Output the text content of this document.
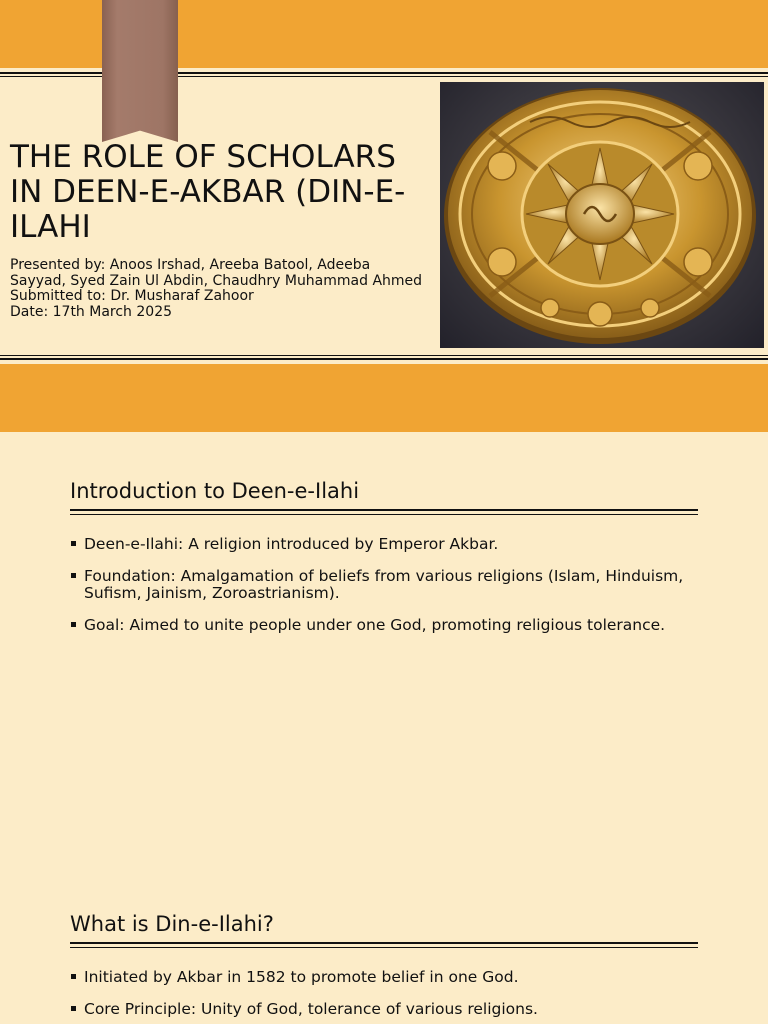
THE ROLE OF SCHOLARS IN DEEN-E-AKBAR (DIN-E-ILAHI
Presented by: Anoos Irshad, Areeba Batool, Adeeba Sayyad, Syed Zain Ul Abdin, Chaudhry Muhammad Ahmed
Submitted to: Dr. Musharaf Zahoor
Date: 17th March 2025
Introduction to Deen-e-Ilahi
Deen-e-Ilahi: A religion introduced by Emperor Akbar.
Foundation: Amalgamation of beliefs from various religions (Islam, Hinduism, Sufism, Jainism, Zoroastrianism).
Goal: Aimed to unite people under one God, promoting religious tolerance.
What is Din-e-Ilahi?
Initiated by Akbar in 1582 to promote belief in one God.
Core Principle: Unity of God, tolerance of various religions.
